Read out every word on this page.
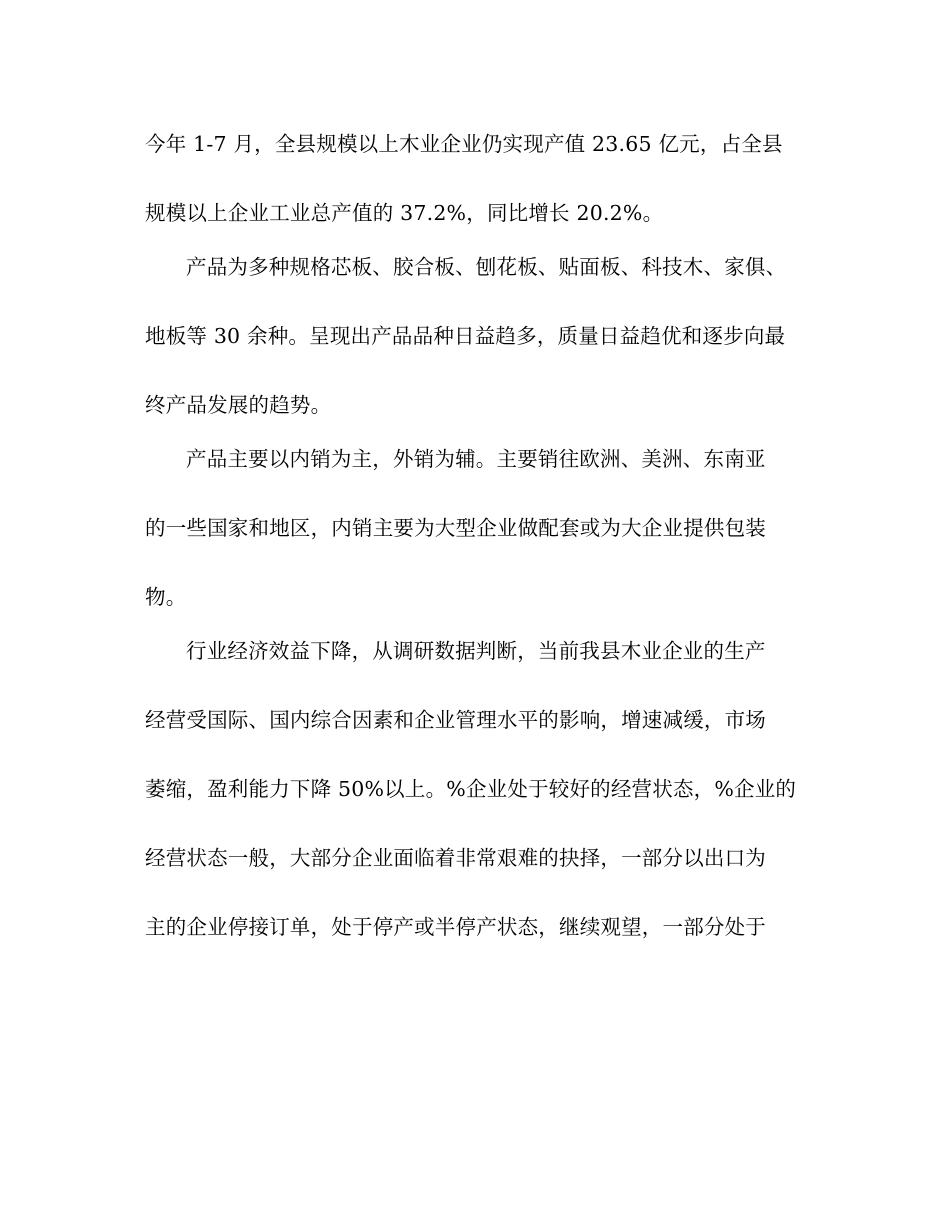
今年 1-7 月，全县规模以上木业企业仍实现产值 23.65 亿元，占全县
规模以上企业工业总产值的 37.2%，同比增长 20.2%。
产品为多种规格芯板、胶合板、刨花板、贴面板、科技木、家俱、
地板等 30 余种。呈现出产品品种日益趋多，质量日益趋优和逐步向最
终产品发展的趋势。
产品主要以内销为主，外销为辅。主要销往欧洲、美洲、东南亚
的一些国家和地区，内销主要为大型企业做配套或为大企业提供包装
物。
行业经济效益下降，从调研数据判断，当前我县木业企业的生产
经营受国际、国内综合因素和企业管理水平的影响，增速减缓，市场
萎缩，盈利能力下降 50%以上。%企业处于较好的经营状态，%企业的
经营状态一般，大部分企业面临着非常艰难的抉择，一部分以出口为
主的企业停接订单，处于停产或半停产状态，继续观望，一部分处于
